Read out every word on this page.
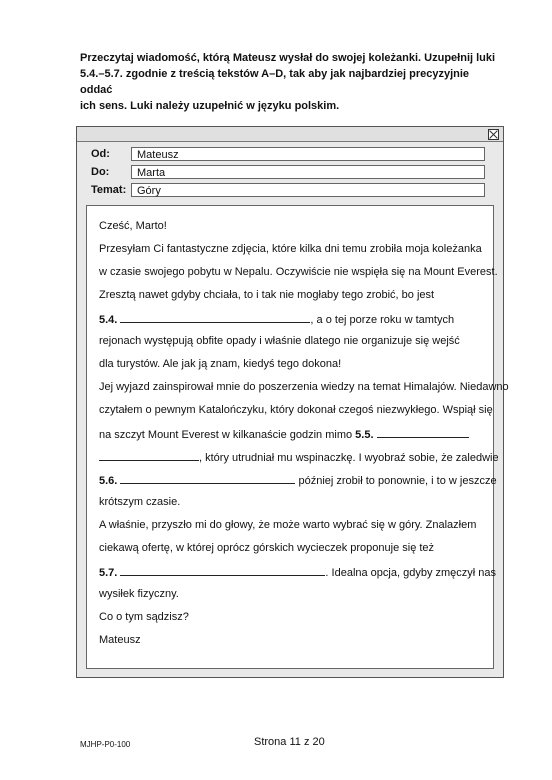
Przeczytaj wiadomość, którą Mateusz wysłał do swojej koleżanki. Uzupełnij luki
5.4.–5.7. zgodnie z treścią tekstów A–D, tak aby jak najbardziej precyzyjnie oddać
ich sens. Luki należy uzupełnić w języku polskim.
Od:	Mateusz
Do:	Marta
Temat: Góry
Cześć, Marto!
Przesyłam Ci fantastyczne zdjęcia, które kilka dni temu zrobiła moja koleżanka
w czasie swojego pobytu w Nepalu. Oczywiście nie wspięła się na Mount Everest.
Zresztą nawet gdyby chciała, to i tak nie mogłaby tego zrobić, bo jest
5.4.	, a o tej porze roku w tamtych
rejonach występują obfite opady i właśnie dlatego nie organizuje się wejść
dla turystów. Ale jak ją znam, kiedyś tego dokona!
Jej wyjazd zainspirował mnie do poszerzenia wiedzy na temat Himalajów. Niedawno
czytałem o pewnym Katalończyku, który dokonał czegoś niezwykłego. Wspiął się
na szczyt Mount Everest w kilkanaście godzin mimo 5.5.
, który utrudniał mu wspinaczkę. I wyobraź sobie, że zaledwie
5.6.	później zrobił to ponownie, i to w jeszcze
krótszym czasie.
A właśnie, przyszło mi do głowy, że może warto wybrać się w góry. Znalazłem
ciekawą ofertę, w której oprócz górskich wycieczek proponuje się też
5.7.	. Idealna opcja, gdyby zmęczył nas
wysiłek fizyczny.
Co o tym sądzisz?
Mateusz
MJHP-P0-100	Strona 11 z 20
